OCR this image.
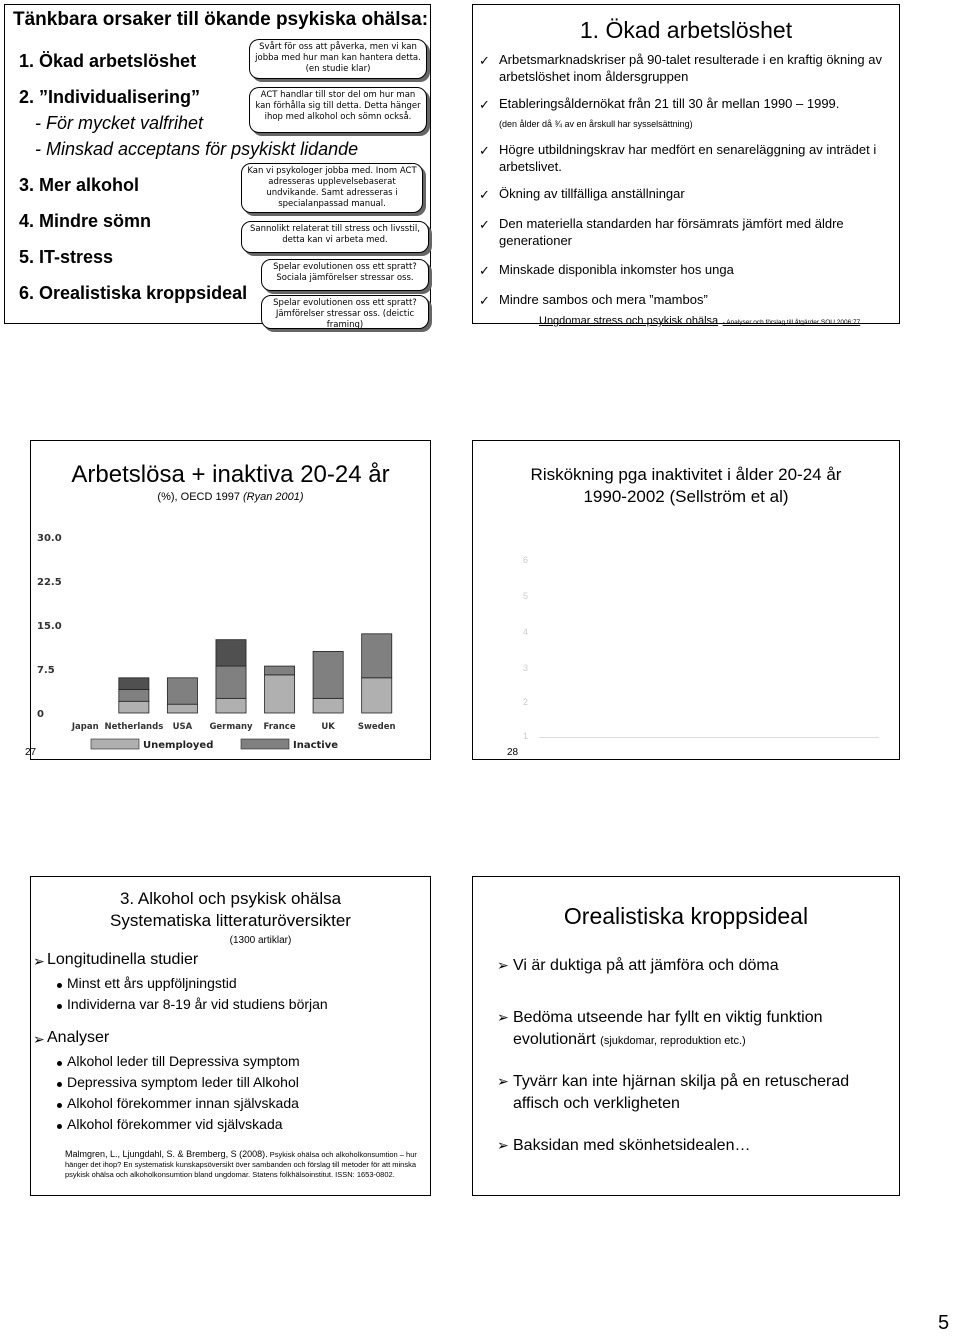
Tänkbara orsaker till ökande psykiska ohälsa:
1. Ökad arbetslöshet
2. ”Individualisering”
- För mycket valfrihet
- Minskad acceptans för psykiskt lidande
3. Mer alkohol
4. Mindre sömn
5. IT-stress
6. Orealistiska kroppsideal
Svårt för oss att påverka, men vi kan jobba med hur man kan hantera detta. (en studie klar)
ACT handlar till stor del om hur man kan förhålla sig till detta. Detta hänger ihop med alkohol och sömn också.
Kan vi psykologer jobba med. Inom ACT adresseras upplevelsebaserat undvikande. Samt adresseras i specialanpassad manual.
Sannolikt relaterat till stress och livsstil, detta kan vi arbeta med.
Spelar evolutionen oss ett spratt? Sociala jämförelser stressar oss.
Spelar evolutionen oss ett spratt? Jämförelser stressar oss. (deictic framing)
1. Ökad arbetslöshet
✓ Arbetsmarknadskriser på 90-talet resulterade i en kraftig ökning av arbetslöshet inom åldersgruppen
✓ Etableringsåldernökat från 21 till 30 år mellan 1990 – 1999.
(den ålder då ¾ av en årskull har sysselsättning)
✓ Högre utbildningskrav har medfört en senareläggning av inträdet i arbetslivet.
✓ Ökning av tillfälliga anställningar
✓ Den materiella standarden har försämrats jämfört med äldre generationer
✓ Minskade disponibla inkomster hos unga
✓ Mindre sambos och mera ”mambos”
Ungdomar stress och psykisk ohälsa - Analyser och förslag till åtgärder SOU 2006:77
Arbetslösa + inaktiva 20-24 år
(%), OECD 1997 (Ryan 2001)
0
7.5
15.0
22.5
30.0
Japan Netherlands USA Germany France	UK	Sweden
Unemployed	Inactive
27
Riskökning pga inaktivitet i ålder 20-24 år
1990-2002 (Sellström et al)
6
5
4
3
2
1
28
3. Alkohol och psykisk ohälsa
Systematiska litteraturöversikter
(1300 artiklar)
➢ Longitudinella studier
Minst ett års uppföljningstid
Individerna var 8-19 år vid studiens början
➢ Analyser
Alkohol leder till Depressiva symptom
Depressiva symptom leder till Alkohol
Alkohol förekommer innan självskada
Alkohol förekommer vid självskada
Malmgren, L., Ljungdahl, S. & Bremberg, S (2008). Psykisk ohälsa och alkoholkonsumtion – hur hänger det ihop? En systematisk kunskapsöversikt över sambanden och förslag till metoder för att minska psykisk ohälsa och alkoholkonsumtion bland ungdomar. Statens folkhälsoinstitut. ISSN: 1653-0802.
Orealistiska kroppsideal
➢ Vi är duktiga på att jämföra och döma
➢ Bedöma utseende har fyllt en viktig funktion evolutionärt (sjukdomar, reproduktion etc.)
➢ Tyvärr kan inte hjärnan skilja på en retuscherad affisch och verkligheten
➢ Baksidan med skönhetsidealen…
5
